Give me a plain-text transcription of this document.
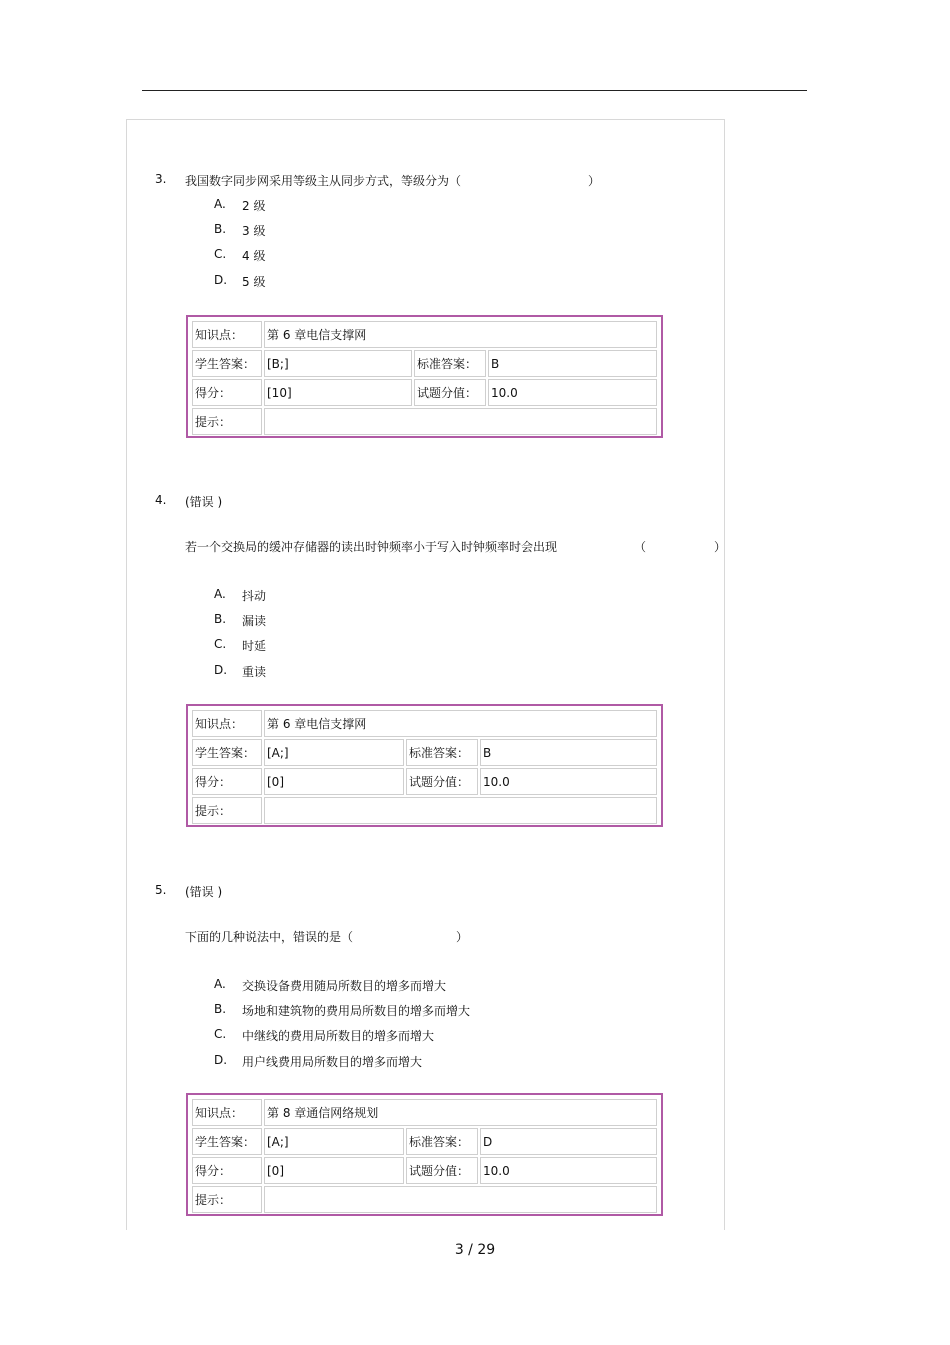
3. 我国数字同步网采用等级主从同步方式，等级分为（	）
A. 2 级
B. 3 级
C. 4 级
D. 5 级
知识点：	第 6 章电信支撑网		
学生答案：	[B;]	标准答案：	B
得分：	[10]	试题分值：	10.0
提示：			
4. (错误 )
若一个交换局的缓冲存储器的读出时钟频率小于写入时钟频率时会出现	（	）
A. 抖动
B. 漏读
C. 时延
D. 重读
知识点：	第 6 章电信支撑网		
学生答案：	[A;]	标准答案：	B
得分：	[0]	试题分值：	10.0
提示：			
5. (错误 )
下面的几种说法中，错误的是（	）
A. 交换设备费用随局所数目的增多而增大
B. 场地和建筑物的费用局所数目的增多而增大
C. 中继线的费用局所数目的增多而增大
D. 用户线费用局所数目的增多而增大
知识点：	第 8 章通信网络规划		
学生答案：	[A;]	标准答案：	D
得分：	[0]	试题分值：	10.0
提示：			
3 / 29
